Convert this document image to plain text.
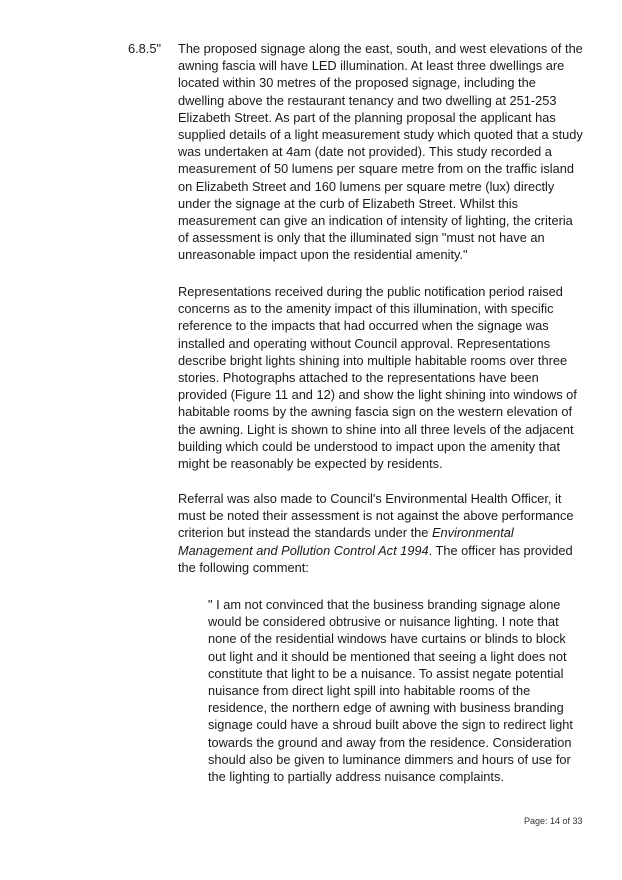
6.8.5" The proposed signage along the east, south, and west elevations of the awning fascia will have LED illumination. At least three dwellings are located within 30 metres of the proposed signage, including the dwelling above the restaurant tenancy and two dwelling at 251-253 Elizabeth Street. As part of the planning proposal the applicant has supplied details of a light measurement study which quoted that a study was undertaken at 4am (date not provided). This study recorded a measurement of 50 lumens per square metre from on the traffic island on Elizabeth Street and 160 lumens per square metre (lux) directly under the signage at the curb of Elizabeth Street. Whilst this measurement can give an indication of intensity of lighting, the criteria of assessment is only that the illuminated sign "must not have an unreasonable impact upon the residential amenity."

Representations received during the public notification period raised concerns as to the amenity impact of this illumination, with specific reference to the impacts that had occurred when the signage was installed and operating without Council approval. Representations describe bright lights shining into multiple habitable rooms over three stories. Photographs attached to the representations have been provided (Figure 11 and 12) and show the light shining into windows of habitable rooms by the awning fascia sign on the western elevation of the awning. Light is shown to shine into all three levels of the adjacent building which could be understood to impact upon the amenity that might be reasonably be expected by residents.

Referral was also made to Council's Environmental Health Officer, it must be noted their assessment is not against the above performance criterion but instead the standards under the Environmental Management and Pollution Control Act 1994. The officer has provided the following comment:

" I am not convinced that the business branding signage alone would be considered obtrusive or nuisance lighting. I note that none of the residential windows have curtains or blinds to block out light and it should be mentioned that seeing a light does not constitute that light to be a nuisance. To assist negate potential nuisance from direct light spill into habitable rooms of the residence, the northern edge of awning with business branding signage could have a shroud built above the sign to redirect light towards the ground and away from the residence. Consideration should also be given to luminance dimmers and hours of use for the lighting to partially address nuisance complaints.

Page: 14 of 33
